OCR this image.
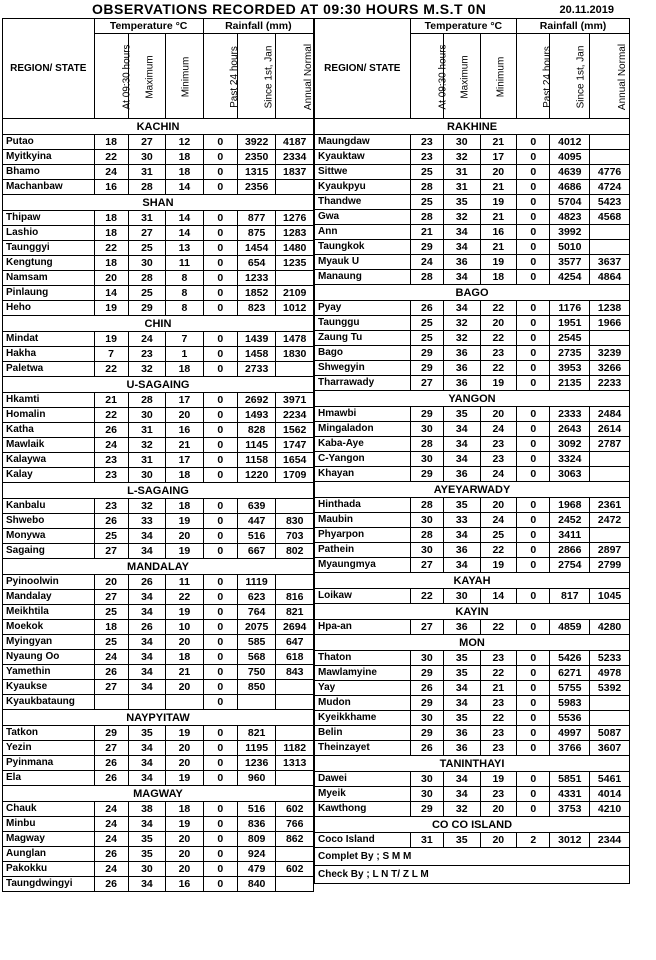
OBSERVATIONS RECORDED AT 09:30 HOURS M.S.T 0N	20.11.2019
REGION/ STATE	Temperature °C			Rainfall (mm)		
	At 09:30 hours	Maximum	Minimum	Past 24 hours	Since 1st, Jan	Annual Normal
KACHIN						
Putao	18	27	12	0	3922	4187
Myitkyina	22	30	18	0	2350	2334
Bhamo	24	31	18	0	1315	1837
Machanbaw	16	28	14	0	2356	
SHAN						
Thipaw	18	31	14	0	877	1276
Lashio	18	27	14	0	875	1283
Taunggyi	22	25	13	0	1454	1480
Kengtung	18	30	11	0	654	1235
Namsam	20	28	8	0	1233	
Pinlaung	14	25	8	0	1852	2109
Heho	19	29	8	0	823	1012
CHIN						
Mindat	19	24	7	0	1439	1478
Hakha	7	23	1	0	1458	1830
Paletwa	22	32	18	0	2733	
U-SAGAING						
Hkamti	21	28	17	0	2692	3971
Homalin	22	30	20	0	1493	2234
Katha	26	31	16	0	828	1562
Mawlaik	24	32	21	0	1145	1747
Kalaywa	23	31	17	0	1158	1654
Kalay	23	30	18	0	1220	1709
L-SAGAING						
Kanbalu	23	32	18	0	639	
Shwebo	26	33	19	0	447	830
Monywa	25	34	20	0	516	703
Sagaing	27	34	19	0	667	802
MANDALAY						
Pyinoolwin	20	26	11	0	1119	
Mandalay	27	34	22	0	623	816
Meikhtila	25	34	19	0	764	821
Moekok	18	26	10	0	2075	2694
Myingyan	25	34	20	0	585	647
Nyaung Oo	24	34	18	0	568	618
Yamethin	26	34	21	0	750	843
Kyaukse	27	34	20	0	850	
Kyaukbataung				0		
NAYPYITAW						
Tatkon	29	35	19	0	821	
Yezin	27	34	20	0	1195	1182
Pyinmana	26	34	20	0	1236	1313
Ela	26	34	19	0	960	
MAGWAY						
Chauk	24	38	18	0	516	602
Minbu	24	34	19	0	836	766
Magway	24	35	20	0	809	862
Aunglan	26	35	20	0	924	
Pakokku	24	30	20	0	479	602
Taungdwingyi	26	34	16	0	840	
REGION/ STATE	Temperature °C			Rainfall (mm)		
	At 09:30 hours	Maximum	Minimum	Past 24 hours	Since 1st, Jan	Annual Normal
RAKHINE						
Maungdaw	23	30	21	0	4012	
Kyauktaw	23	32	17	0	4095	
Sittwe	25	31	20	0	4639	4776
Kyaukpyu	28	31	21	0	4686	4724
Thandwe	25	35	19	0	5704	5423
Gwa	28	32	21	0	4823	4568
Ann	21	34	16	0	3992	
Taungkok	29	34	21	0	5010	
Myauk U	24	36	19	0	3577	3637
Manaung	28	34	18	0	4254	4864
BAGO						
Pyay	26	34	22	0	1176	1238
Taunggu	25	32	20	0	1951	1966
Zaung Tu	25	32	22	0	2545	
Bago	29	36	23	0	2735	3239
Shwegyin	29	36	22	0	3953	3266
Tharrawady	27	36	19	0	2135	2233
YANGON						
Hmawbi	29	35	20	0	2333	2484
Mingaladon	30	34	24	0	2643	2614
Kaba-Aye	28	34	23	0	3092	2787
C-Yangon	30	34	23	0	3324	
Khayan	29	36	24	0	3063	
AYEYARWADY						
Hinthada	28	35	20	0	1968	2361
Maubin	30	33	24	0	2452	2472
Phyarpon	28	34	25	0	3411	
Pathein	30	36	22	0	2866	2897
Myaungmya	27	34	19	0	2754	2799
KAYAH						
Loikaw	22	30	14	0	817	1045
KAYIN						
Hpa-an	27	36	22	0	4859	4280
MON						
Thaton	30	35	23	0	5426	5233
Mawlamyine	29	35	22	0	6271	4978
Yay	26	34	21	0	5755	5392
Mudon	29	34	23	0	5983	
Kyeikkhame	30	35	22	0	5536	
Belin	29	36	23	0	4997	5087
Theinzayet	26	36	23	0	3766	3607
TANINTHAYI						
Dawei	30	34	19	0	5851	5461
Myeik	30	34	23	0	4331	4014
Kawthong	29	32	20	0	3753	4210
CO CO ISLAND						
Coco Island	31	35	20	2	3012	2344
Complet By ; S M M						
Check By ; L N T/ Z L M						
